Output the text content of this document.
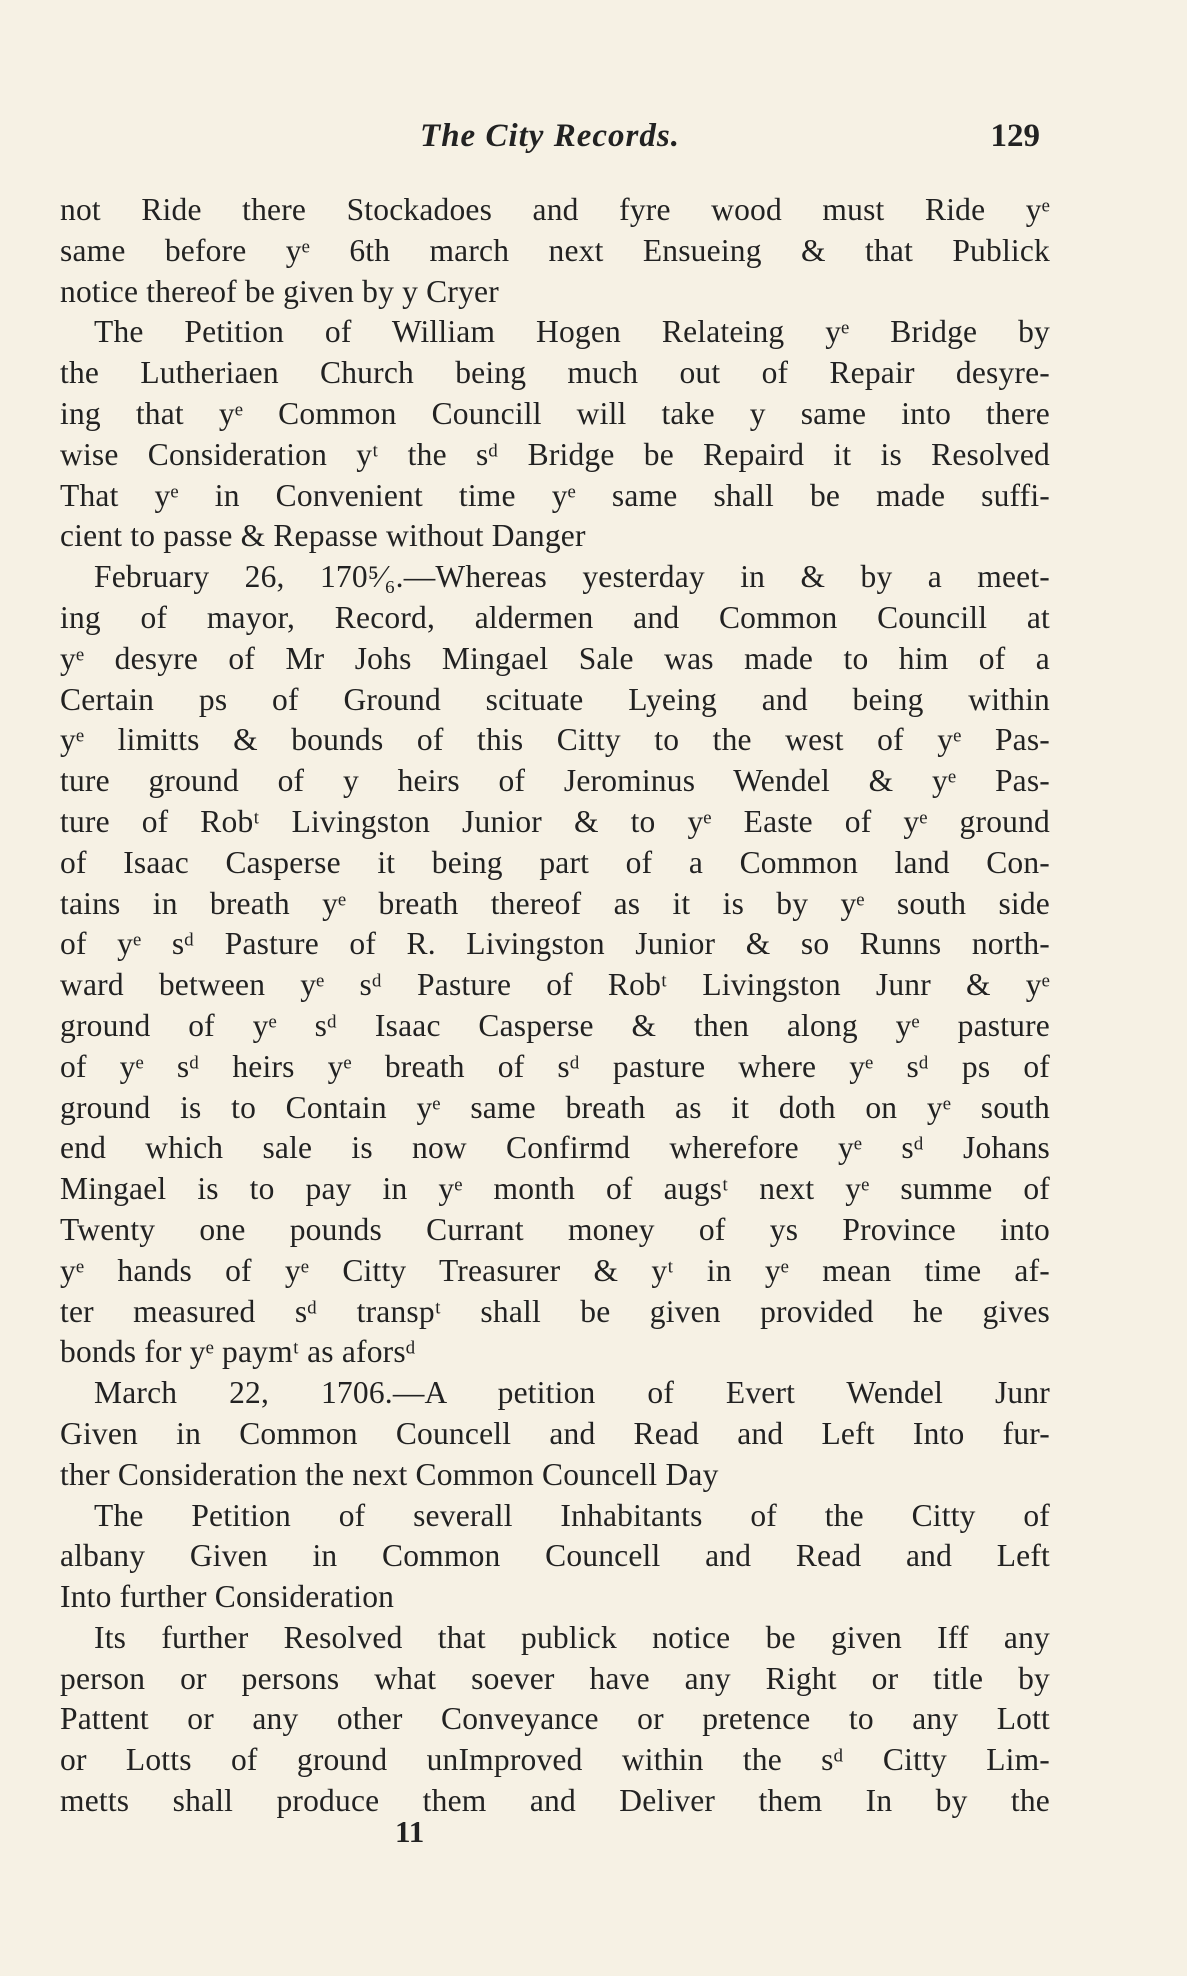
The City Records.	129
not Ride there Stockadoes and fyre wood must Ride yᵉ
same before yᵉ 6th march next Ensueing & that Publick
notice thereof be given by y Cryer
The Petition of William Hogen Relateing yᵉ Bridge by
the Lutheriaen Church being much out of Repair desyre-
ing that yᵉ Common Councill will take y same into there
wise Consideration yᵗ the sᵈ Bridge be Repaird it is Resolved
That yᵉ in Convenient time yᵉ same shall be made suffi-
cient to passe & Repasse without Danger
February 26, 170⁵⁄₆.—Whereas yesterday in & by a meet-
ing of mayor, Record, aldermen and Common Councill at
yᵉ desyre of Mr Johs Mingael Sale was made to him of a
Certain ps of Ground scituate Lyeing and being within
yᵉ limitts & bounds of this Citty to the west of yᵉ Pas-
ture ground of y heirs of Jerominus Wendel & yᵉ Pas-
ture of Robᵗ Livingston Junior & to yᵉ Easte of yᵉ ground
of Isaac Casperse it being part of a Common land Con-
tains in breath yᵉ breath thereof as it is by yᵉ south side
of yᵉ sᵈ Pasture of R. Livingston Junior & so Runns north-
ward between yᵉ sᵈ Pasture of Robᵗ Livingston Junr & yᵉ
ground of yᵉ sᵈ Isaac Casperse & then along yᵉ pasture
of yᵉ sᵈ heirs yᵉ breath of sᵈ pasture where yᵉ sᵈ ps of
ground is to Contain yᵉ same breath as it doth on yᵉ south
end which sale is now Confirmd wherefore yᵉ sᵈ Johans
Mingael is to pay in yᵉ month of augsᵗ next yᵉ summe of
Twenty one pounds Currant money of ys Province into
yᵉ hands of yᵉ Citty Treasurer & yᵗ in yᵉ mean time af-
ter measured sᵈ transpᵗ shall be given provided he gives
bonds for yᵉ paymᵗ as aforsᵈ
March 22, 1706.—A petition of Evert Wendel Junr
Given in Common Councell and Read and Left Into fur-
ther Consideration the next Common Councell Day
The Petition of severall Inhabitants of the Citty of
albany Given in Common Councell and Read and Left
Into further Consideration
Its further Resolved that publick notice be given Iff any
person or persons what soever have any Right or title by
Pattent or any other Conveyance or pretence to any Lott
or Lotts of ground unImproved within the sᵈ Citty Lim-
metts shall produce them and Deliver them In by the
11
